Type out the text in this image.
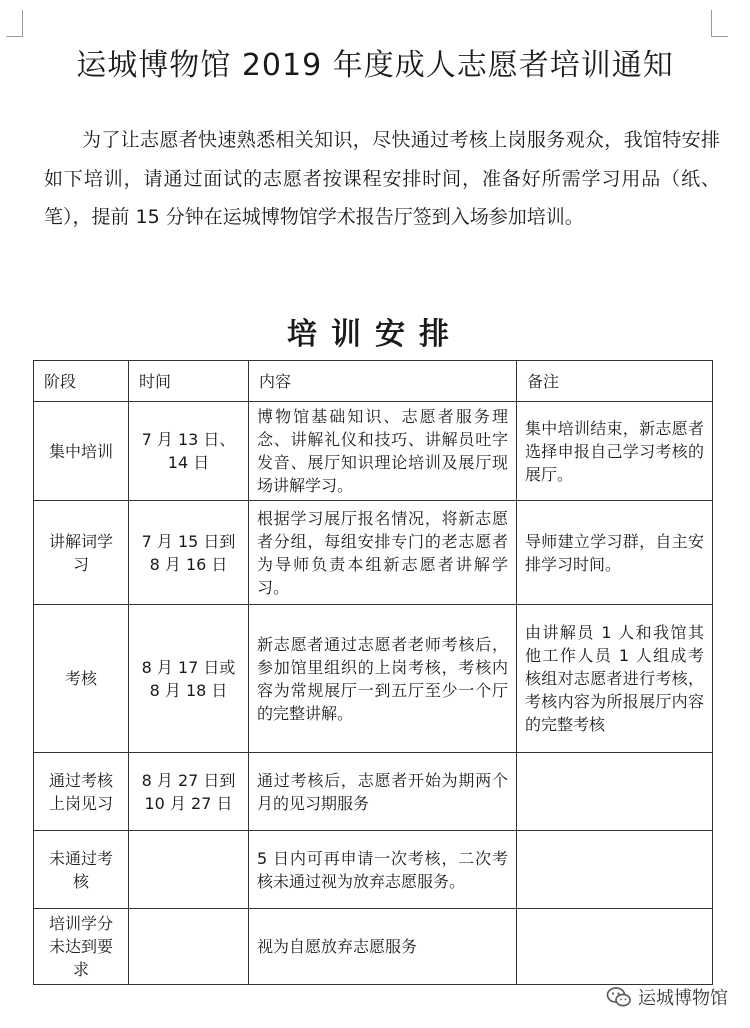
运城博物馆 2019 年度成人志愿者培训通知

为了让志愿者快速熟悉相关知识，尽快通过考核上岗服务观众，我馆特安排如下培训，请通过面试的志愿者按课程安排时间，准备好所需学习用品（纸、笔），提前 15 分钟在运城博物馆学术报告厅签到入场参加培训。

培训安排
阶段	时间	内容	备注
集中培训	7 月 13 日、14 日	博物馆基础知识、志愿者服务理念、讲解礼仪和技巧、讲解员吐字发音、展厅知识理论培训及展厅现场讲解学习。	集中培训结束，新志愿者选择申报自己学习考核的展厅。
讲解词学习	7 月 15 日到 8 月 16 日	根据学习展厅报名情况，将新志愿者分组，每组安排专门的老志愿者为导师负责本组新志愿者讲解学习。	导师建立学习群，自主安排学习时间。
考核	8 月 17 日或 8 月 18 日	新志愿者通过志愿者老师考核后，参加馆里组织的上岗考核，考核内容为常规展厅一到五厅至少一个厅的完整讲解。	由讲解员 1 人和我馆其他工作人员 1 人组成考核组对志愿者进行考核，考核内容为所报展厅内容的完整考核
通过考核上岗见习	8 月 27 日到 10 月 27 日	通过考核后，志愿者开始为期两个月的见习期服务	
未通过考核		5 日内可再申请一次考核，二次考核未通过视为放弃志愿服务。	
培训学分未达到要求		视为自愿放弃志愿服务	
运城博物馆
